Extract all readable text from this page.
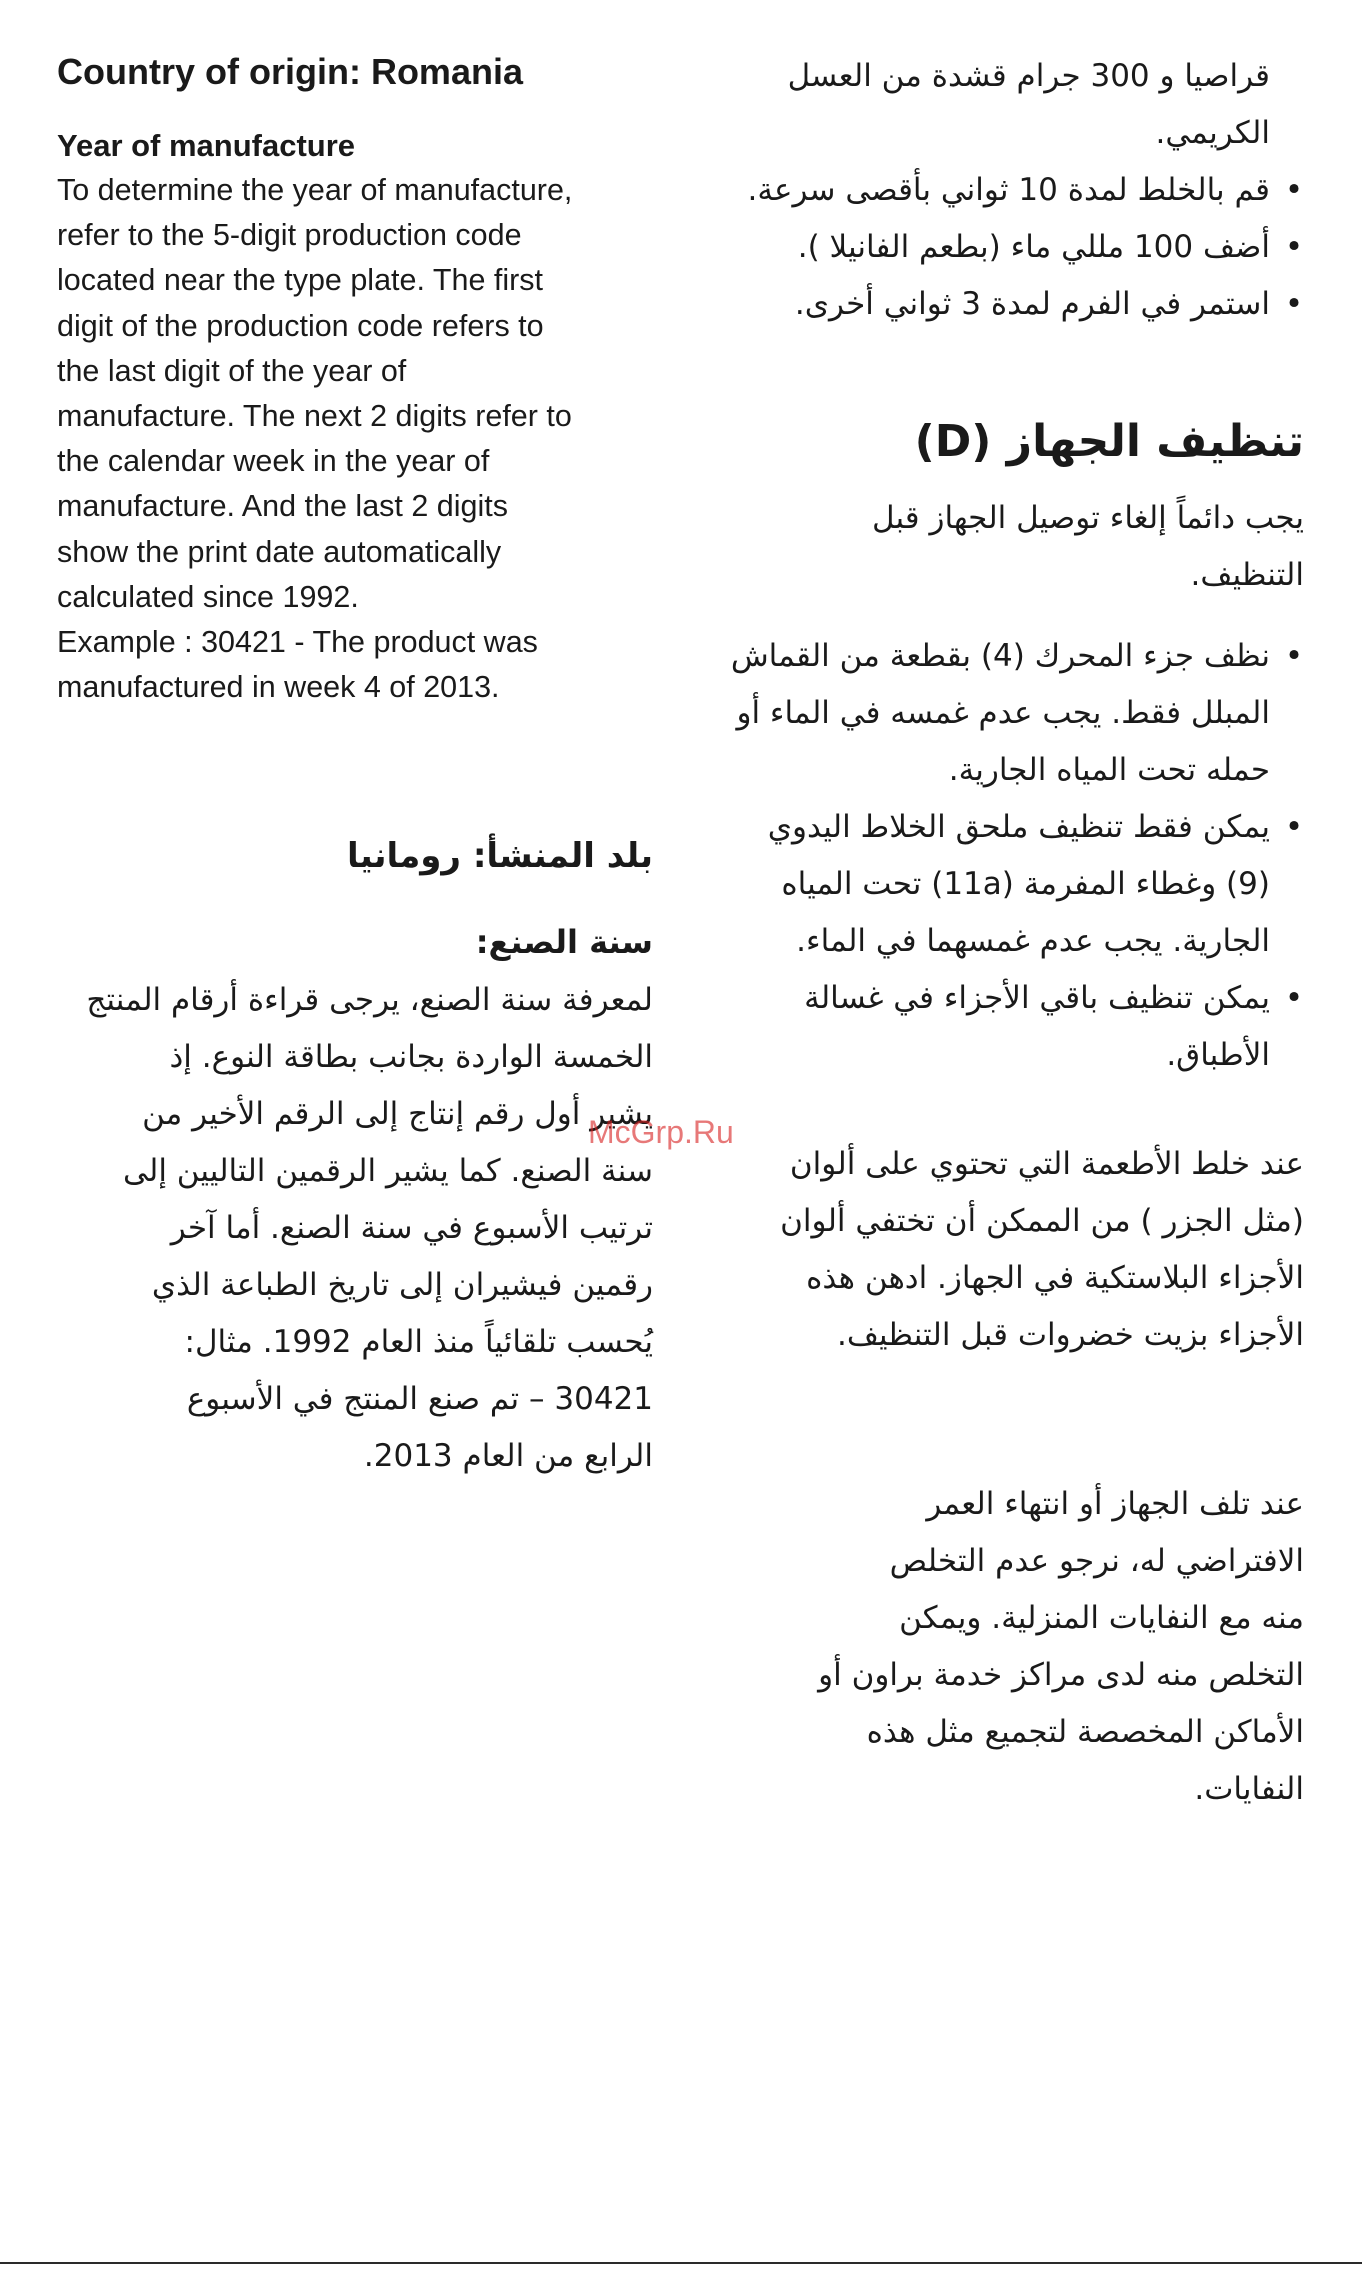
Country of origin: Romania
Year of manufacture

To determine the year of manufacture,
refer to the 5-digit production code
located near the type plate. The first
digit of the production code refers to
the last digit of the year of
manufacture. The next 2 digits refer to
the calendar week in the year of
manufacture. And the last 2 digits
show the print date automatically
calculated since 1992.
Example : 30421 - The product was
manufactured in week 4 of 2013.

بلد المنشأ: رومانيا
سنة الصنع:

لمعرفة سنة الصنع، يرجى قراءة أرقام المنتج
الخمسة الواردة بجانب بطاقة النوع. إذ
يشير أول رقم إنتاج إلى الرقم الأخير من
سنة الصنع. كما يشير الرقمين التاليين إلى
ترتيب الأسبوع في سنة الصنع. أما آخر
رقمين فيشيران إلى تاريخ الطباعة الذي
يُحسب تلقائياً منذ العام 1992. مثال:
30421 – تم صنع المنتج في الأسبوع
الرابع من العام 2013.

قراصيا و 300 جرام قشدة من العسل
الكريمي.
•
قم بالخلط لمدة 10 ثواني بأقصى سرعة.
•
أضف 100 مللي ماء (بطعم الفانيلا ).
•
استمر في الفرم لمدة 3 ثواني أخرى.
تنظيف الجهاز (D)
يجب دائماً إلغاء توصيل الجهاز قبل
التنظيف.
•
نظف جزء المحرك (4) بقطعة من القماش
المبلل فقط. يجب عدم غمسه في الماء أو
حمله تحت المياه الجارية.
•
يمكن فقط تنظيف ملحق الخلاط اليدوي
(9) وغطاء المفرمة (11a) تحت المياه
الجارية. يجب عدم غمسهما في الماء.
•
يمكن تنظيف باقي الأجزاء في غسالة
الأطباق.
عند خلط الأطعمة التي تحتوي على ألوان
(مثل الجزر ) من الممكن أن تختفي ألوان
الأجزاء البلاستكية في الجهاز. ادهن هذه
الأجزاء بزيت خضروات قبل التنظيف.
عند تلف الجهاز أو انتهاء العمر
الافتراضي له، نرجو عدم التخلص
منه مع النفايات المنزلية. ويمكن
التخلص منه لدى مراكز خدمة براون أو
الأماكن المخصصة لتجميع مثل هذه
النفايات.
McGrp.Ru
